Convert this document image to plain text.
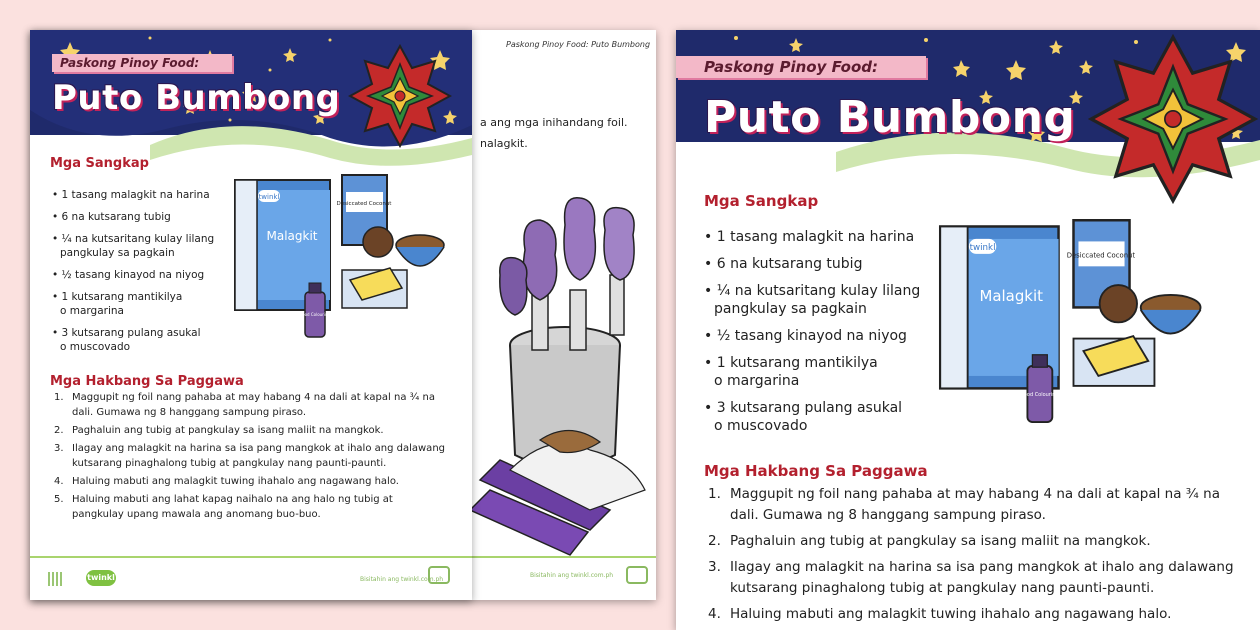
Paskong Pinoy Food: Puto Bumbong
a ang mga inihandang foil.
nalagkit.
Bisitahin ang twinkl.com.ph
Paskong Pinoy Food:
Puto Bumbong
Mga Sangkap
• 1 tasang malagkit na harina
• 6 na kutsarang tubig
• ¼ na kutsaritang kulay lilang
pangkulay sa pagkain
• ½ tasang kinayod na niyog
• 1 kutsarang mantikilya
o margarina
• 3 kutsarang pulang asukal
o muscovado
twinkl
Malagkit
Desiccated Coconut
Food Colouring
Mga Hakbang Sa Paggawa
1. Maggupit ng foil nang pahaba at may habang 4 na dali at kapal na ¾ na
dali. Gumawa ng 8 hanggang sampung piraso.
2. Paghaluin ang tubig at pangkulay sa isang maliit na mangkok.
3. Ilagay ang malagkit na harina sa isa pang mangkok at ihalo ang dalawang
kutsarang pinaghalong tubig at pangkulay nang paunti-paunti.
4. Haluing mabuti ang malagkit tuwing ihahalo ang nagawang halo.
5. Haluing mabuti ang lahat kapag naihalo na ang halo ng tubig at
pangkulay upang mawala ang anomang buo-buo.
twinkl	Bisitahin ang twinkl.com.ph
Paskong Pinoy Food:
Puto Bumbong
Mga Sangkap
• 1 tasang malagkit na harina
• 6 na kutsarang tubig
• ¼ na kutsaritang kulay lilang
pangkulay sa pagkain
• ½ tasang kinayod na niyog
• 1 kutsarang mantikilya
o margarina
• 3 kutsarang pulang asukal
o muscovado
twinkl
Malagkit
Desiccated Coconut
Food Colouring
Mga Hakbang Sa Paggawa
1. Maggupit ng foil nang pahaba at may habang 4 na dali at kapal na ¾ na
dali. Gumawa ng 8 hanggang sampung piraso.
2. Paghaluin ang tubig at pangkulay sa isang maliit na mangkok.
3. Ilagay ang malagkit na harina sa isa pang mangkok at ihalo ang dalawang
kutsarang pinaghalong tubig at pangkulay nang paunti-paunti.
4. Haluing mabuti ang malagkit tuwing ihahalo ang nagawang halo.
